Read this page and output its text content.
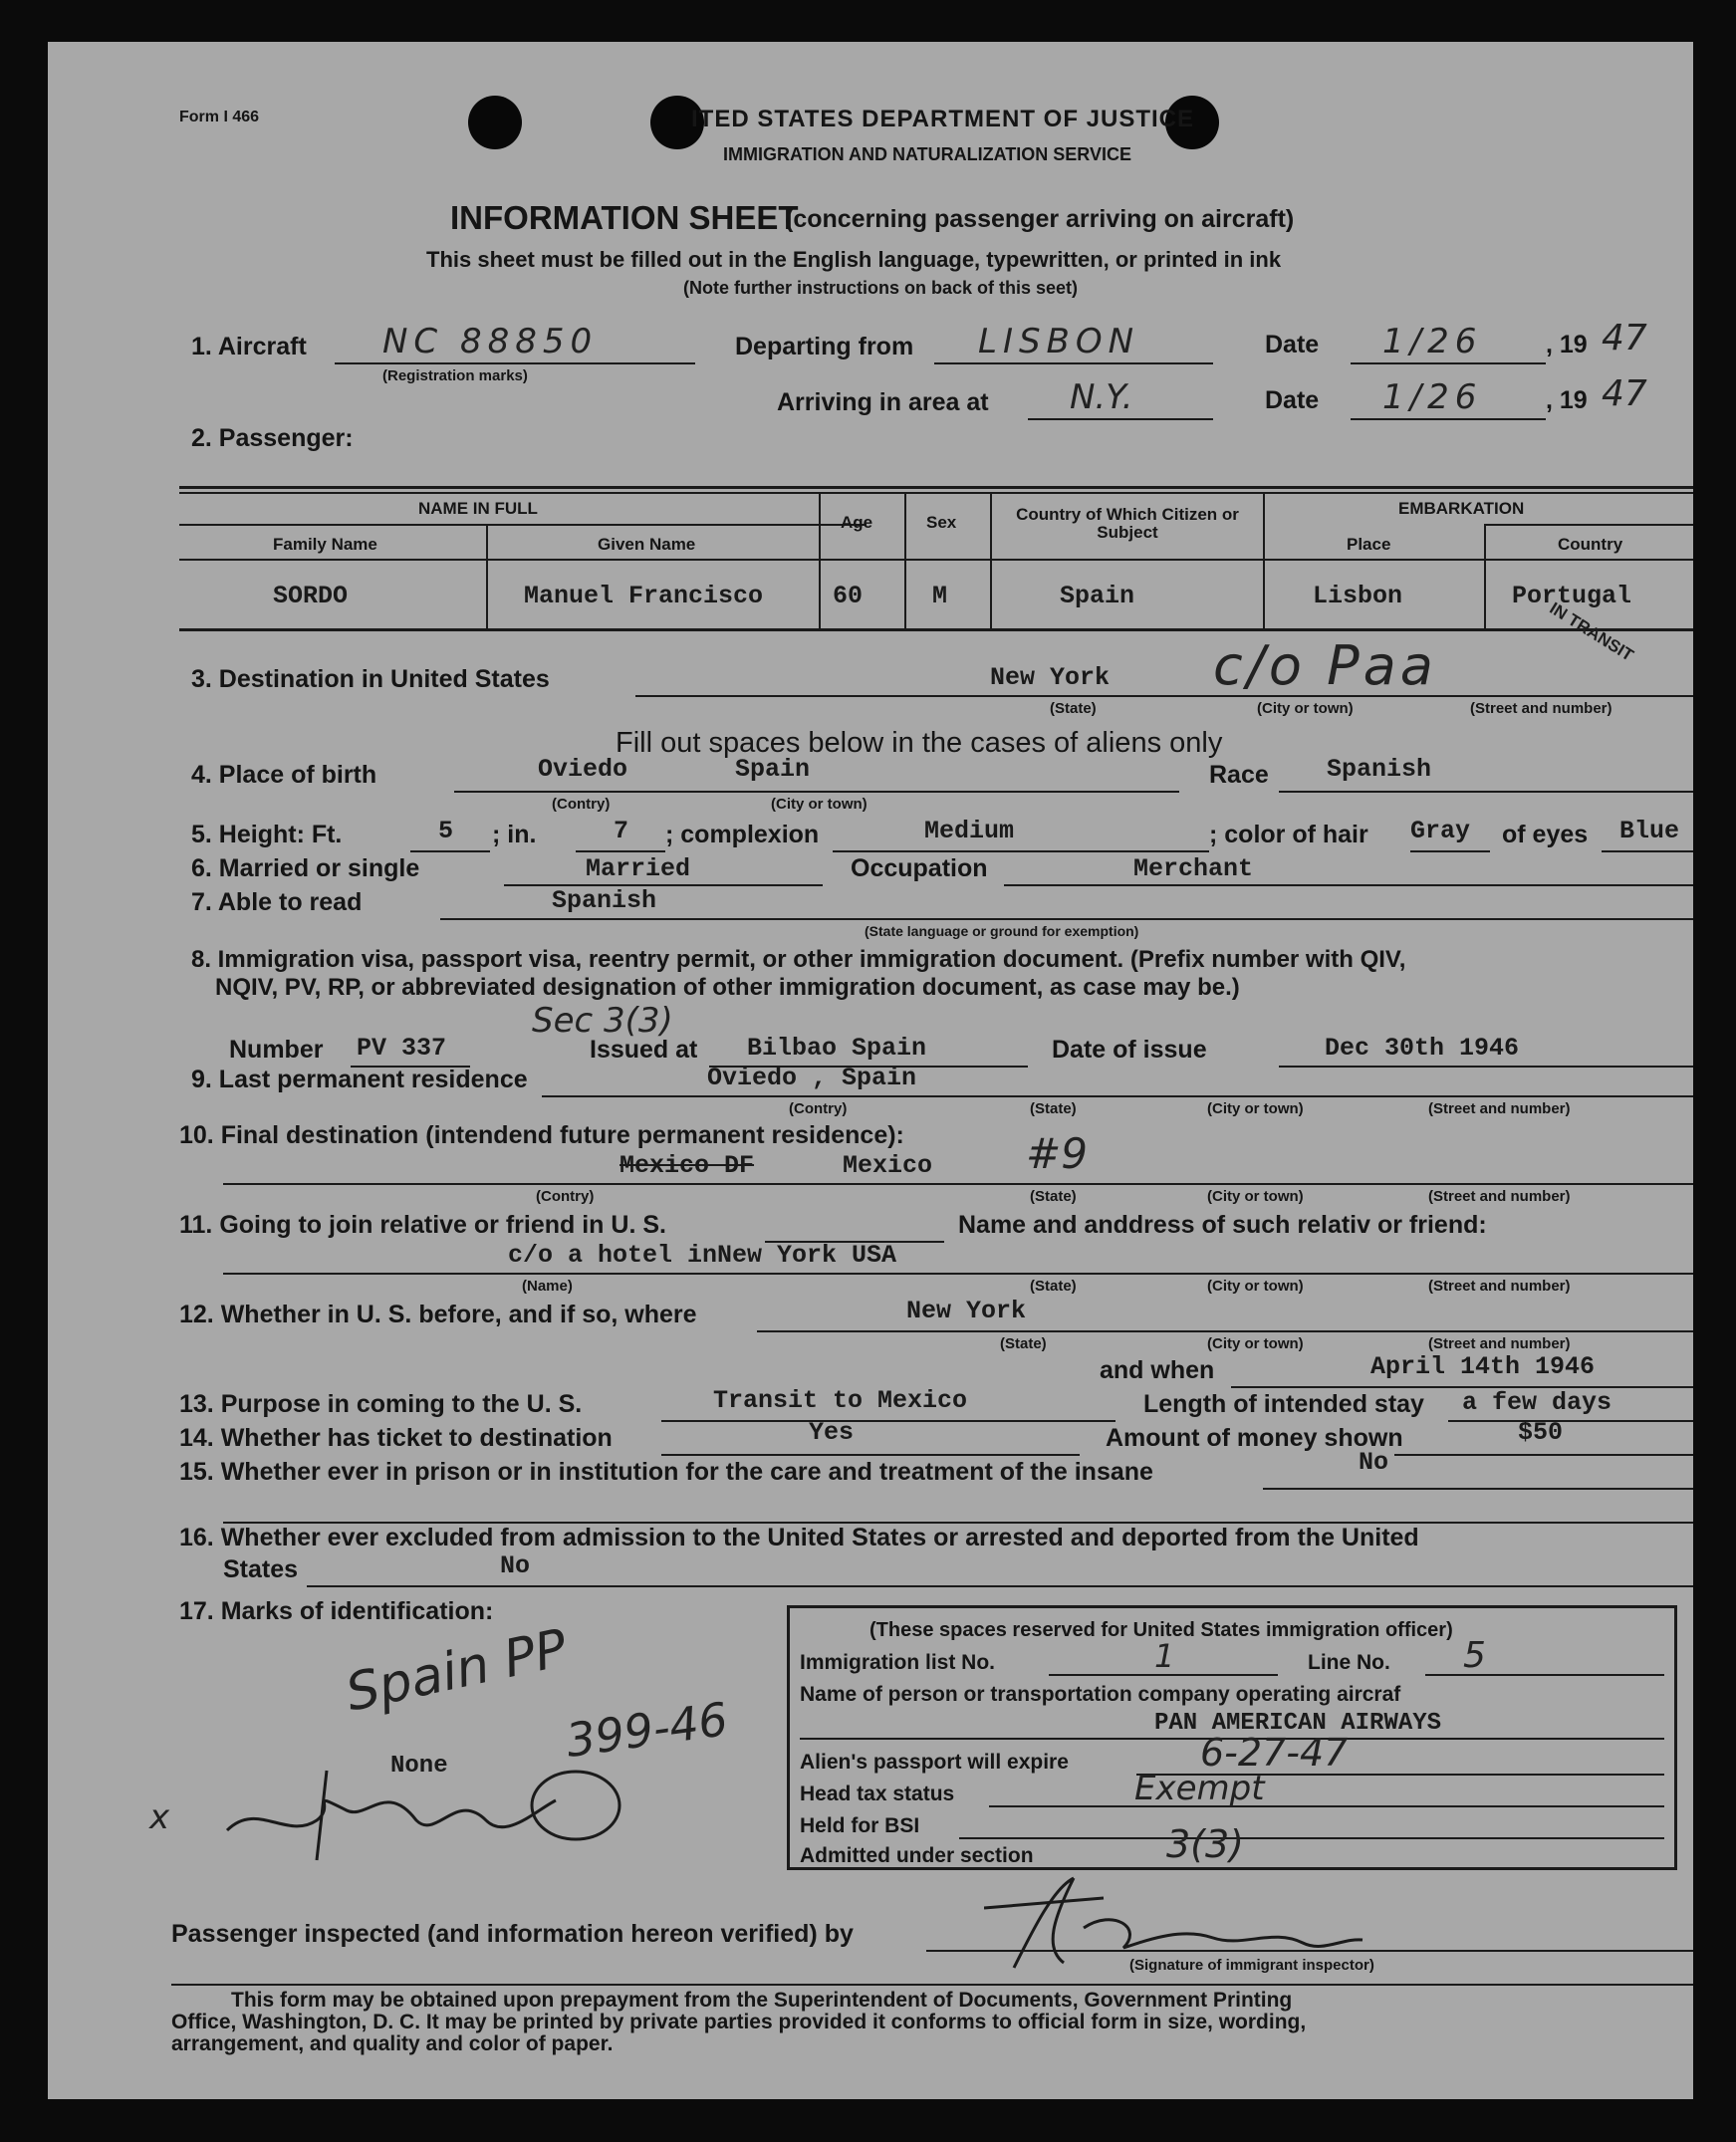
Form I 466	ITED STATES DEPARTMENT OF JUSTICE
IMMIGRATION AND NATURALIZATION SERVICE
INFORMATION SHEET
(concerning passenger arriving on aircraft)
This sheet must be filled out in the English language, typewritten, or printed in ink
(Note further instructions on back of this seet)
1. Aircraft NC 88850
(Registration marks)
Departing from LISBON	Date 1/26	, 19 47
Arriving in area at N.Y.	Date 1/26	, 19 47
2. Passenger:
NAME IN FULL
Family Name	Given Name
Age	Sex	Country of Which Citizen or Subject
EMBARKATION
Place	Country
SORDO	Manuel Francisco	60	M	Spain	Lisbon	Portugal
IN TRANSIT
3. Destination in United States	New York c/o Paa
(State)	(City or town)	(Street and number)
Fill out spaces below in the cases of aliens only
4. Place of birth	Oviedo	Spain
(Contry)	(City or town)
Race Spanish
5. Height: Ft.	5 ; in.	7 ; complexion	Medium	; color of hair Gray of eyes Blue
6. Married or single	Married	Occupation	Merchant
7. Able to read	Spanish
(State language or ground for exemption)
8. Immigration visa, passport visa, reentry permit, or other immigration document. (Prefix number with QIV,
NQIV, PV, RP, or abbreviated designation of other immigration document, as case may be.)
Sec 3(3)
Number PV 337	Issued at Bilbao Spain	Date of issue	Dec 30th 1946
9. Last permanent residence	Oviedo , Spain
(Contry)	(State)	(City or town)	(Street and number)
10. Final destination (intendend future permanent residence):
Mexico DF	Mexico #9
(Contry)	(State)	(City or town)	(Street and number)
11. Going to join relative or friend in U. S.	Name and anddress of such relativ or friend:
c/o a hotel inNew York USA
(Name)	(State)	(City or town)	(Street and number)
12. Whether in U. S. before, and if so, where	New York
(State)	(City or town)	(Street and number)
and when	April 14th 1946
13. Purpose in coming to the U. S.	Transit to Mexico	Length of intended stay a few days
14. Whether has ticket to destination	Yes	Amount of money shown	$50
15. Whether ever in prison or in institution for the care and treatment of the insane	No
16. Whether ever excluded from admission to the United States or arrested and deported from the United
States	No
17. Marks of identification:
Spain PP
399-46
None
x
(These spaces reserved for United States immigration officer)
Immigration list No.	1	Line No. 5
Name of person or transportation company operating aircraf
PAN AMERICAN AIRWAYS
Alien's passport will expire	6-27-47
Head tax status	Exempt
Held for BSI
Admitted under section	3(3)
Passenger inspected (and information hereon verified) by
(Signature of immigrant inspector)
This form may be obtained upon prepayment from the Superintendent of Documents, Government Printing
Office, Washington, D. C. It may be printed by private parties provided it conforms to official form in size, wording,
arrangement, and quality and color of paper.
